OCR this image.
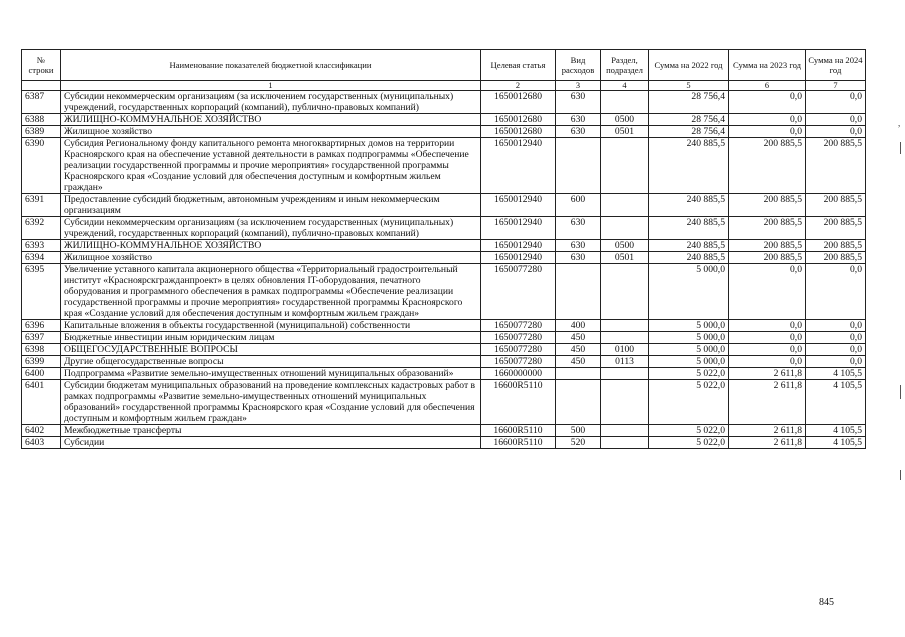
№ строки	Наименование показателей бюджетной классификации	Целевая статья	Вид расходов	Раздел, подраздел	Сумма на 2022 год	Сумма на 2023 год	Сумма на 2024 год
	1	2	3	4	5	6	7
6387	Субсидии некоммерческим организациям (за исключением государственных (муниципальных) учреждений, государственных корпораций (компаний), публично-правовых компаний)	1650012680	630		28 756,4	0,0	0,0
6388	ЖИЛИЩНО-КОММУНАЛЬНОЕ ХОЗЯЙСТВО	1650012680	630	0500	28 756,4	0,0	0,0
6389	Жилищное хозяйство	1650012680	630	0501	28 756,4	0,0	0,0
6390	Субсидия Региональному фонду капитального ремонта многоквартирных домов на территории Красноярского края на обеспечение уставной деятельности в рамках подпрограммы «Обеспечение реализации государственной программы и прочие мероприятия» государственной программы Красноярского края «Создание условий для обеспечения доступным и комфортным жильем граждан»	1650012940			240 885,5	200 885,5	200 885,5
6391	Предоставление субсидий бюджетным, автономным учреждениям и иным некоммерческим организациям	1650012940	600		240 885,5	200 885,5	200 885,5
6392	Субсидии некоммерческим организациям (за исключением государственных (муниципальных) учреждений, государственных корпораций (компаний), публично-правовых компаний)	1650012940	630		240 885,5	200 885,5	200 885,5
6393	ЖИЛИЩНО-КОММУНАЛЬНОЕ ХОЗЯЙСТВО	1650012940	630	0500	240 885,5	200 885,5	200 885,5
6394	Жилищное хозяйство	1650012940	630	0501	240 885,5	200 885,5	200 885,5
6395	Увеличение уставного капитала акционерного общества «Территориальный градостроительный институт «Красноярскгражданпроект» в целях обновления IT-оборудования, печатного оборудования и программного обеспечения в рамках подпрограммы «Обеспечение реализации государственной программы и прочие мероприятия» государственной программы Красноярского края «Создание условий для обеспечения доступным и комфортным жильем граждан»	1650077280			5 000,0	0,0	0,0
6396	Капитальные вложения в объекты государственной (муниципальной) собственности	1650077280	400		5 000,0	0,0	0,0
6397	Бюджетные инвестиции иным юридическим лицам	1650077280	450		5 000,0	0,0	0,0
6398	ОБЩЕГОСУДАРСТВЕННЫЕ ВОПРОСЫ	1650077280	450	0100	5 000,0	0,0	0,0
6399	Другие общегосударственные вопросы	1650077280	450	0113	5 000,0	0,0	0,0
6400	Подпрограмма «Развитие земельно-имущественных отношений муниципальных образований»	1660000000			5 022,0	2 611,8	4 105,5
6401	Субсидии бюджетам муниципальных образований на проведение комплексных кадастровых работ в рамках подпрограммы «Развитие земельно-имущественных отношений муниципальных образований» государственной программы Красноярского края «Создание условий для обеспечения доступным и комфортным жильем граждан»	16600R5110			5 022,0	2 611,8	4 105,5
6402	Межбюджетные трансферты	16600R5110	500		5 022,0	2 611,8	4 105,5
6403	Субсидии	16600R5110	520		5 022,0	2 611,8	4 105,5
845
,
